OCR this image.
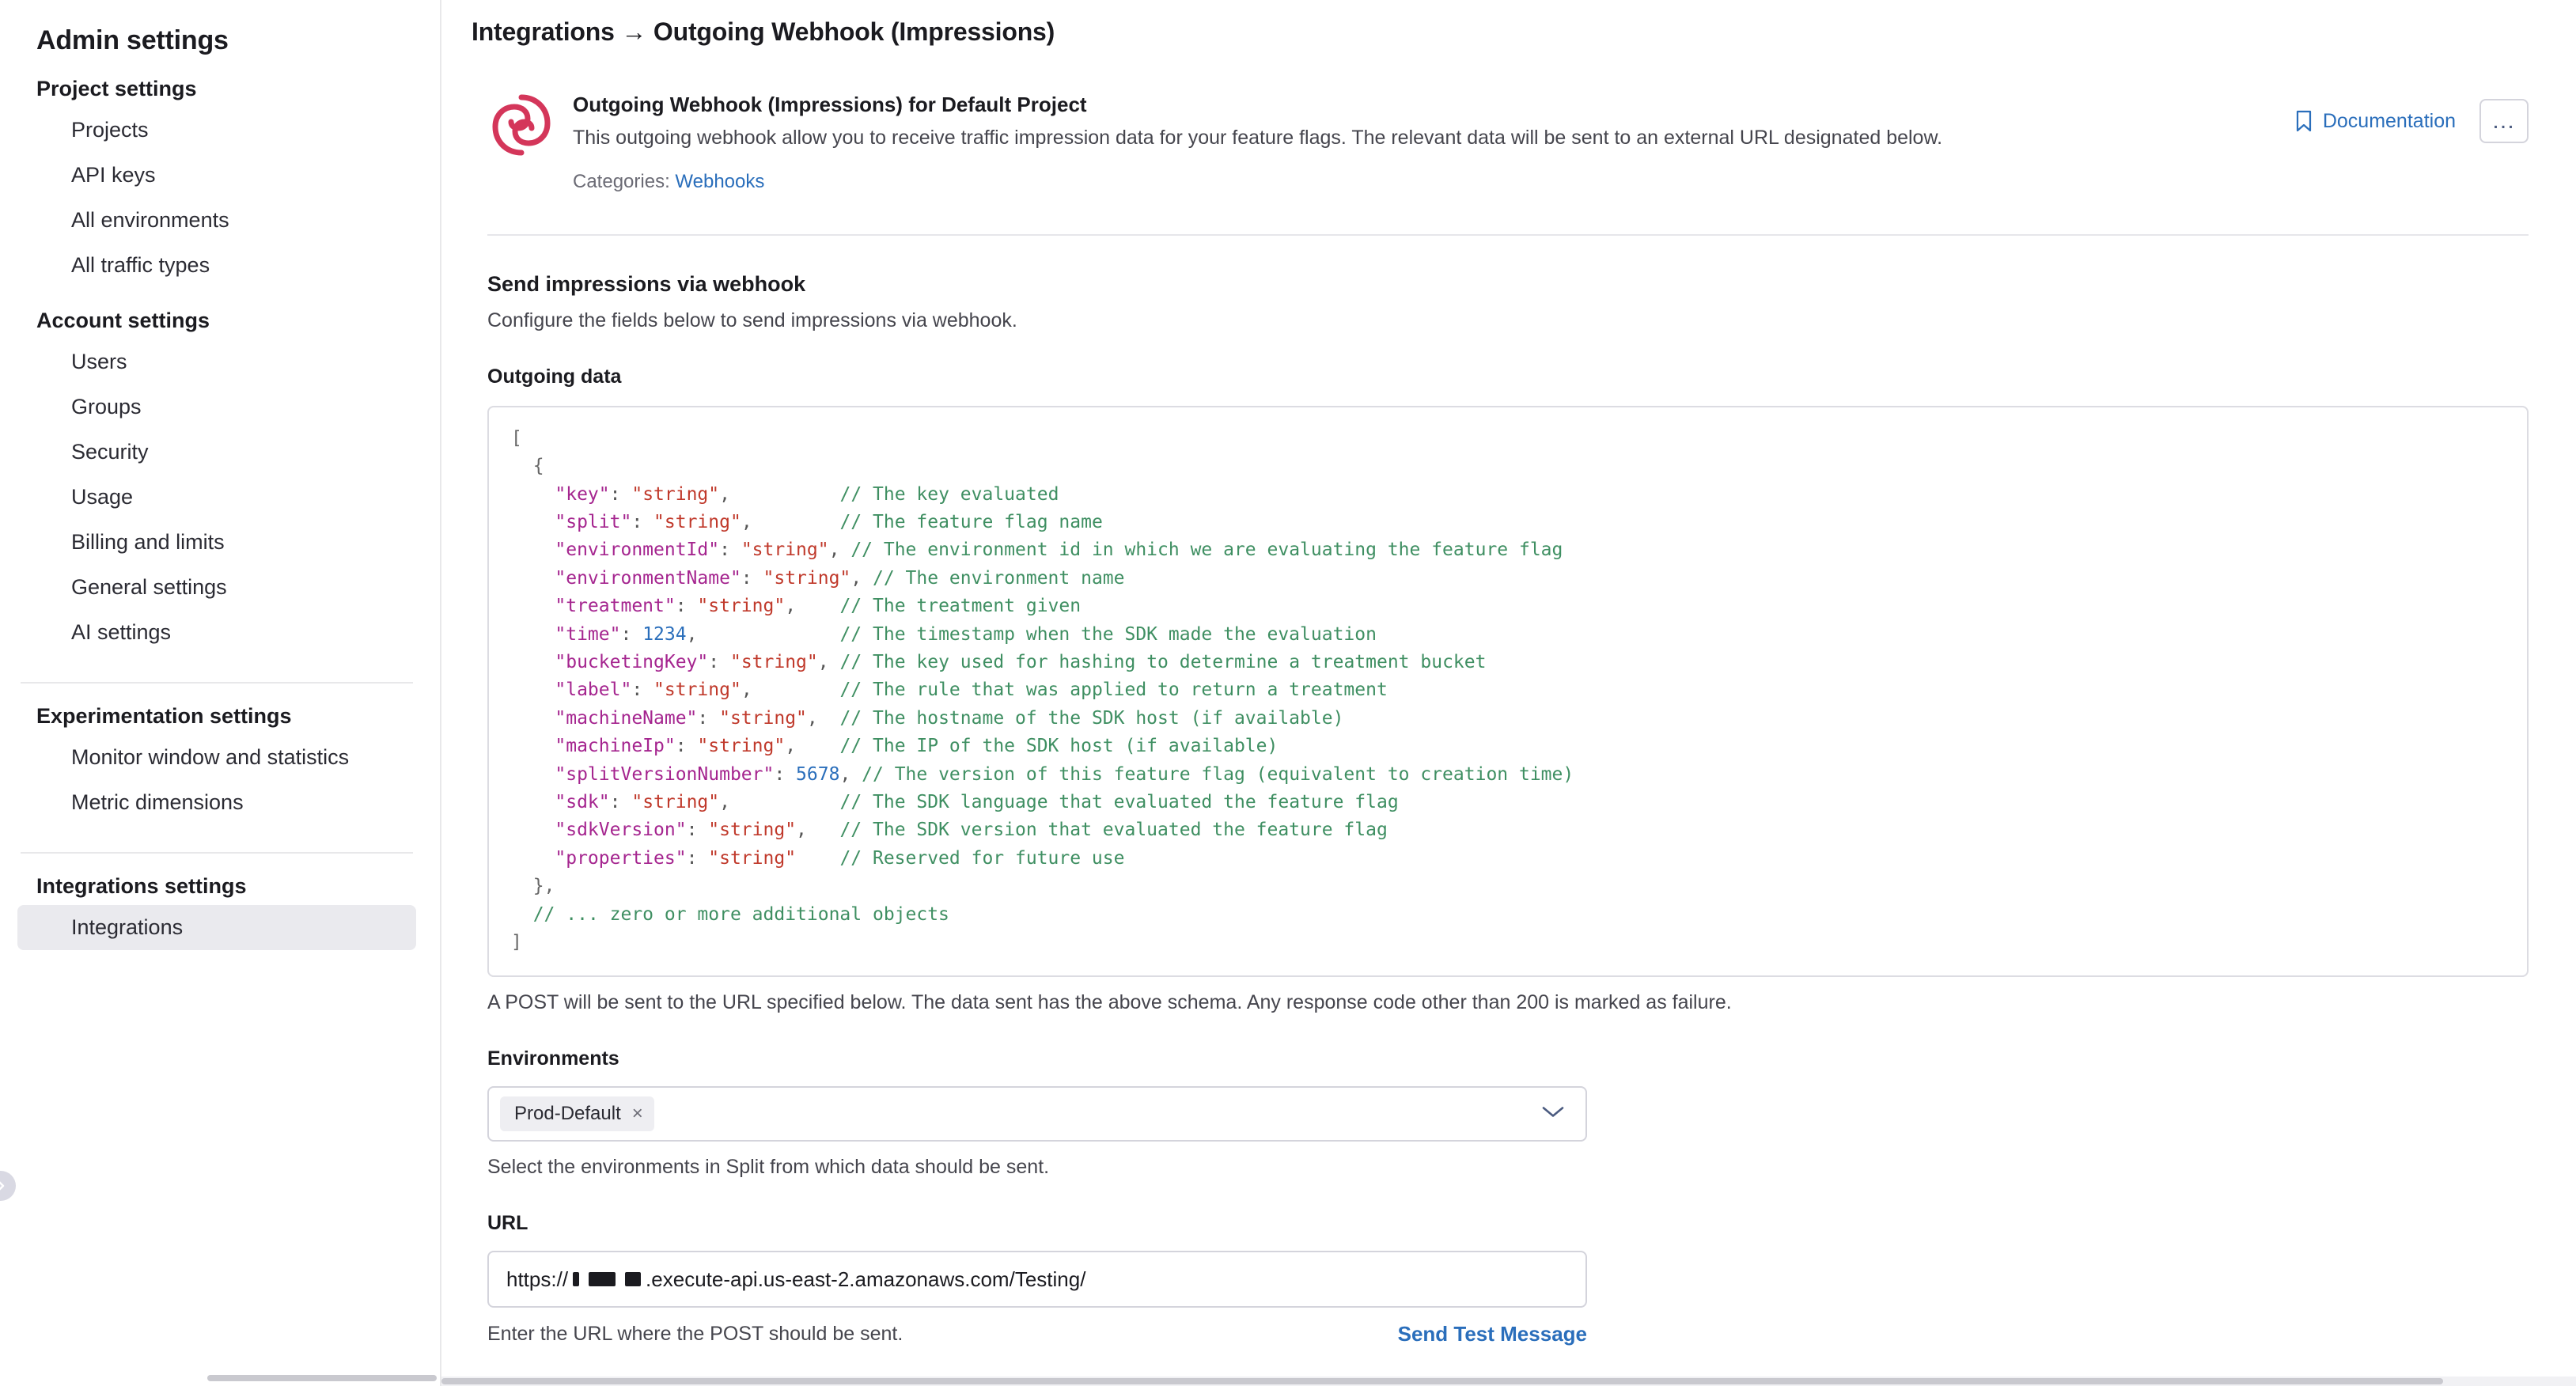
Admin settings
Project settings
Projects
API keys
All environments
All traffic types
Account settings
Users
Groups
Security
Usage
Billing and limits
General settings
AI settings
Experimentation settings
Monitor window and statistics
Metric dimensions
Integrations settings
Integrations
Integrations → Outgoing Webhook (Impressions)
Outgoing Webhook (Impressions) for Default Project
This outgoing webhook allow you to receive traffic impression data for your feature flags. The relevant data will be sent to an external URL designated below.
Categories: Webhooks
Documentation …
Send impressions via webhook
Configure the fields below to send impressions via webhook.
Outgoing data
[
{
"key": "string",	// The key evaluated
"split": "string",	// The feature flag name
"environmentId": "string", // The environment id in which we are evaluating the feature flag
"environmentName": "string", // The environment name
"treatment": "string", // The treatment given
"time": 1234,	// The timestamp when the SDK made the evaluation
"bucketingKey": "string", // The key used for hashing to determine a treatment bucket
"label": "string",	// The rule that was applied to return a treatment
"machineName": "string", // The hostname of the SDK host (if available)
"machineIp": "string", // The IP of the SDK host (if available)
"splitVersionNumber": 5678, // The version of this feature flag (equivalent to creation time)
"sdk": "string",	// The SDK language that evaluated the feature flag
"sdkVersion": "string", // The SDK version that evaluated the feature flag
"properties": "string" // Reserved for future use
},
// ... zero or more additional objects
]
A POST will be sent to the URL specified below. The data sent has the above schema. Any response code other than 200 is marked as failure.
Environments
Prod-Default ×
Select the environments in Split from which data should be sent.
URL
https://	.execute-api.us-east-2.amazonaws.com/Testing/
Enter the URL where the POST should be sent.	Send Test Message
